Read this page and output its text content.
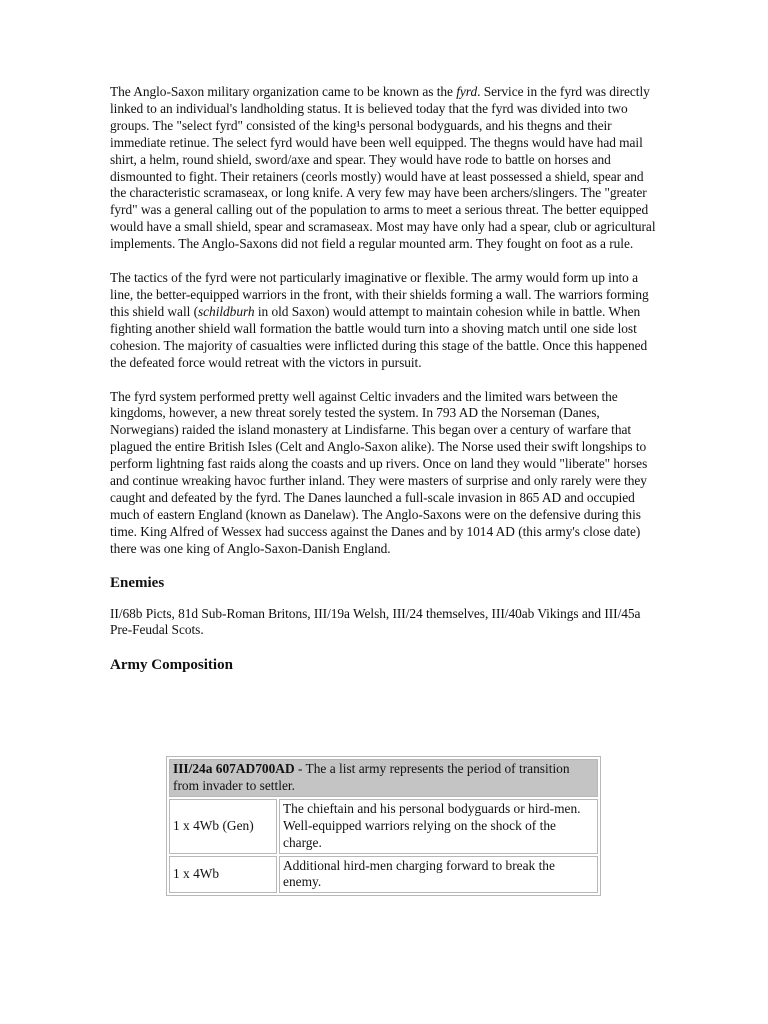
The Anglo-Saxon military organization came to be known as the fyrd. Service in the fyrd was directly linked to an individual's landholding status. It is believed today that the fyrd was divided into two groups. The "select fyrd" consisted of the king¹s personal bodyguards, and his thegns and their immediate retinue. The select fyrd would have been well equipped. The thegns would have had mail shirt, a helm, round shield, sword/axe and spear. They would have rode to battle on horses and dismounted to fight. Their retainers (ceorls mostly) would have at least possessed a shield, spear and the characteristic scramaseax, or long knife. A very few may have been archers/slingers. The "greater fyrd" was a general calling out of the population to arms to meet a serious threat. The better equipped would have a small shield, spear and scramaseax. Most may have only had a spear, club or agricultural implements. The Anglo-Saxons did not field a regular mounted arm. They fought on foot as a rule.

The tactics of the fyrd were not particularly imaginative or flexible. The army would form up into a line, the better-equipped warriors in the front, with their shields forming a wall. The warriors forming this shield wall (schildburh in old Saxon) would attempt to maintain cohesion while in battle. When fighting another shield wall formation the battle would turn into a shoving match until one side lost cohesion. The majority of casualties were inflicted during this stage of the battle. Once this happened the defeated force would retreat with the victors in pursuit.

The fyrd system performed pretty well against Celtic invaders and the limited wars between the kingdoms, however, a new threat sorely tested the system. In 793 AD the Norseman (Danes, Norwegians) raided the island monastery at Lindisfarne. This began over a century of warfare that plagued the entire British Isles (Celt and Anglo-Saxon alike). The Norse used their swift longships to perform lightning fast raids along the coasts and up rivers. Once on land they would "liberate" horses and continue wreaking havoc further inland. They were masters of surprise and only rarely were they caught and defeated by the fyrd. The Danes launched a full-scale invasion in 865 AD and occupied much of eastern England (known as Danelaw). The Anglo-Saxons were on the defensive during this time. King Alfred of Wessex had success against the Danes and by 1014 AD (this army's close date) there was one king of Anglo-Saxon-Danish England.

Enemies

II/68b Picts, 81d Sub-Roman Britons, III/19a Welsh, III/24 themselves, III/40ab Vikings and III/45a Pre-Feudal Scots.

Army Composition
III/24a 607AD700AD - The a list army represents the period of transition from invader to settler.	
1 x 4Wb (Gen)	The chieftain and his personal bodyguards or hird-men. Well-equipped warriors relying on the shock of the charge.
1 x 4Wb	Additional hird-men charging forward to break the enemy.
